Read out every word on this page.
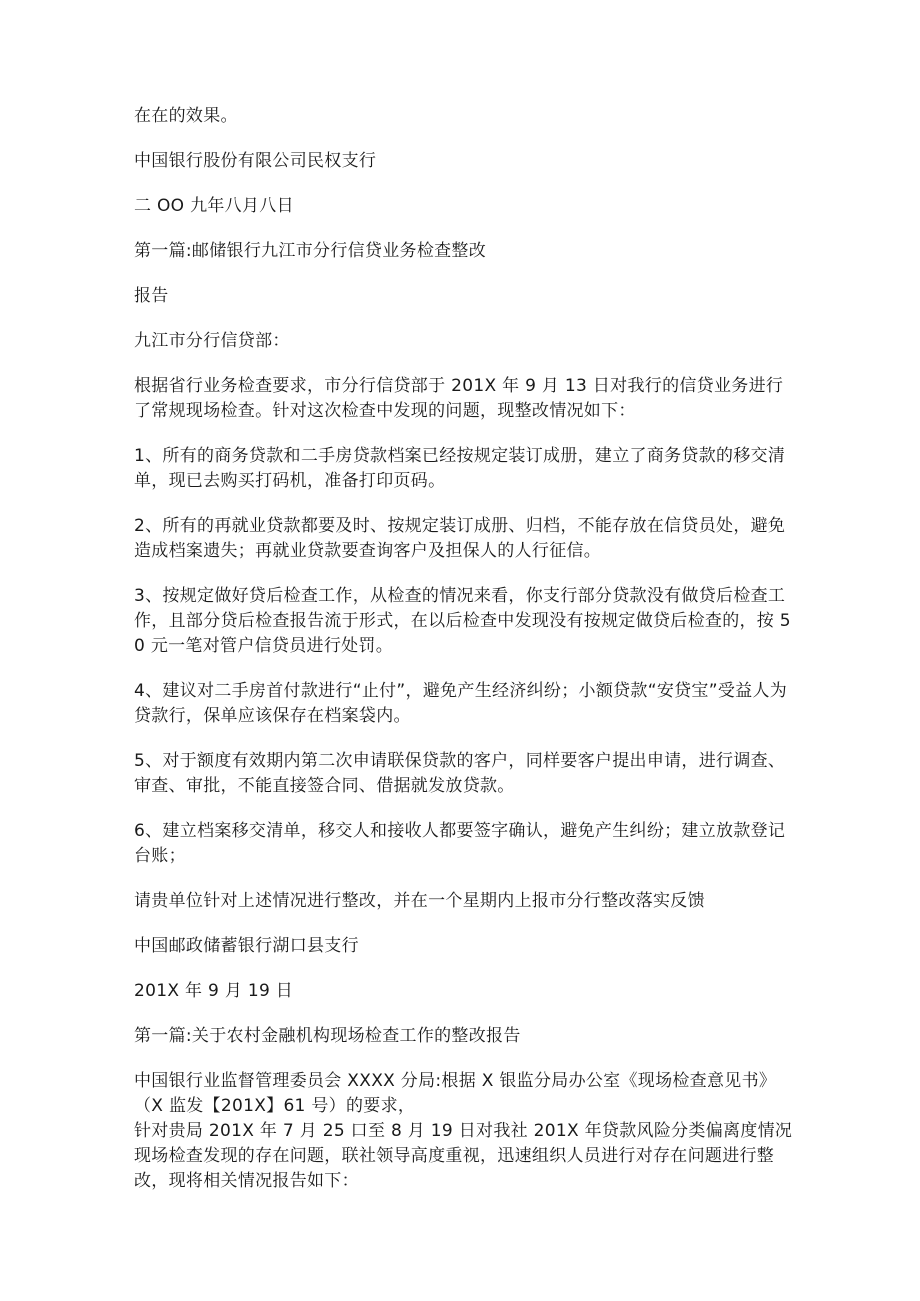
在在的效果。

中国银行股份有限公司民权支行

二 OO 九年八月八日

第一篇:邮储银行九江市分行信贷业务检查整改

报告

九江市分行信贷部：

根据省行业务检查要求，市分行信贷部于 201X 年 9 月 13 日对我行的信贷业务进行了常规现场检查。针对这次检查中发现的问题，现整改情况如下：

1、所有的商务贷款和二手房贷款档案已经按规定装订成册，建立了商务贷款的移交清单，现已去购买打码机，准备打印页码。

2、所有的再就业贷款都要及时、按规定装订成册、归档，不能存放在信贷员处，避免造成档案遗失；再就业贷款要查询客户及担保人的人行征信。

3、按规定做好贷后检查工作，从检查的情况来看，你支行部分贷款没有做贷后检查工作，且部分贷后检查报告流于形式，在以后检查中发现没有按规定做贷后检查的，按 50 元一笔对管户信贷员进行处罚。

4、建议对二手房首付款进行“止付”，避免产生经济纠纷；小额贷款“安贷宝”受益人为贷款行，保单应该保存在档案袋内。

5、对于额度有效期内第二次申请联保贷款的客户，同样要客户提出申请，进行调查、审查、审批，不能直接签合同、借据就发放贷款。

6、建立档案移交清单，移交人和接收人都要签字确认，避免产生纠纷；建立放款登记台账；

请贵单位针对上述情况进行整改，并在一个星期内上报市分行整改落实反馈

中国邮政储蓄银行湖口县支行

201X 年 9 月 19 日

第一篇:关于农村金融机构现场检查工作的整改报告

中国银行业监督管理委员会 XXXX 分局:根据 X 银监分局办公室《现场检查意见书》（X 监发【201X】61 号）的要求，

针对贵局 201X 年 7 月 25 口至 8 月 19 日对我社 201X 年贷款风险分类偏离度情况现场检查发现的存在问题，联社领导高度重视，迅速组织人员进行对存在问题进行整改，现将相关情况报告如下：
